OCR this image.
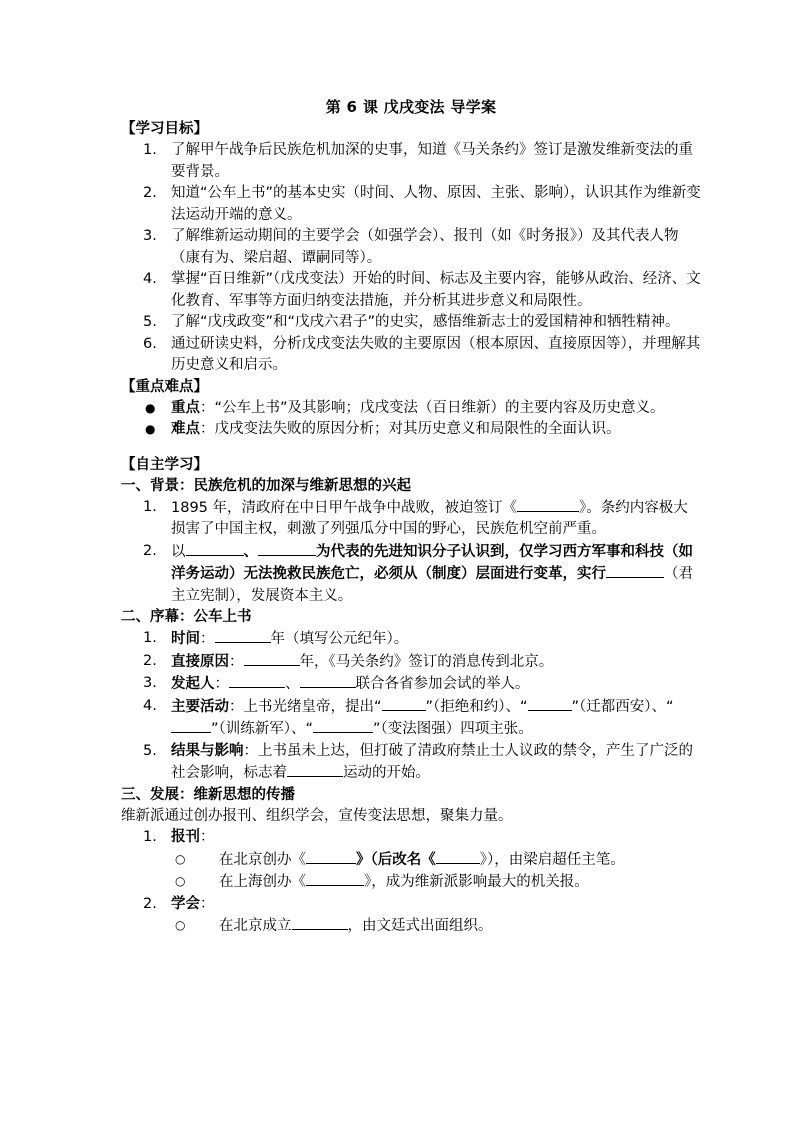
第 6 课 戊戌变法 导学案

【学习目标】

1. 了解甲午战争后民族危机加深的史事，知道《马关条约》签订是激发维新变法的重要背景。

2. 知道“公车上书”的基本史实（时间、人物、原因、主张、影响），认识其作为维新变法运动开端的意义。

3. 了解维新运动期间的主要学会（如强学会）、报刊（如《时务报》）及其代表人物（康有为、梁启超、谭嗣同等）。

4. 掌握“百日维新”（戊戌变法）开始的时间、标志及主要内容，能够从政治、经济、文化教育、军事等方面归纳变法措施，并分析其进步意义和局限性。

5. 了解“戊戌政变”和“戊戌六君子”的史实，感悟维新志士的爱国精神和牺牲精神。

6. 通过研读史料，分析戊戌变法失败的主要原因（根本原因、直接原因等），并理解其历史意义和启示。

【重点难点】

● 重点：“公车上书”及其影响；戊戌变法（百日维新）的主要内容及历史意义。

● 难点：戊戌变法失败的原因分析；对其历史意义和局限性的全面认识。

【自主学习】

一、背景：民族危机的加深与维新思想的兴起

1. 1895 年，清政府在中日甲午战争中战败，被迫签订《	》。条约内容极大损害了中国主权，刺激了列强瓜分中国的野心，民族危机空前严重。

2. 以	、	为代表的先进知识分子认识到，仅学习西方军事和科技（如洋务运动）无法挽救民族危亡，必须从（制度）层面进行变革，实行	（君主立宪制），发展资本主义。

二、序幕：公车上书

1. 时间：	年（填写公元纪年）。

2. 直接原因：	年，《马关条约》签订的消息传到北京。

3. 发起人：	、	联合各省参加会试的举人。

4. 主要活动：上书光绪皇帝，提出“	”（拒绝和约）、“	”（迁都西安）、“”（训练新军）、“	”（变法图强）四项主张。

5. 结果与影响：上书虽未上达，但打破了清政府禁止士人议政的禁令，产生了广泛的社会影响，标志着	运动的开始。

三、发展：维新思想的传播

维新派通过创办报刊、组织学会，宣传变法思想，聚集力量。

1. 报刊：

○ 在北京创办《	》（后改名《	》），由梁启超任主笔。

○ 在上海创办《	》，成为维新派影响最大的机关报。

2. 学会：

○ 在北京成立	，由文廷式出面组织。
